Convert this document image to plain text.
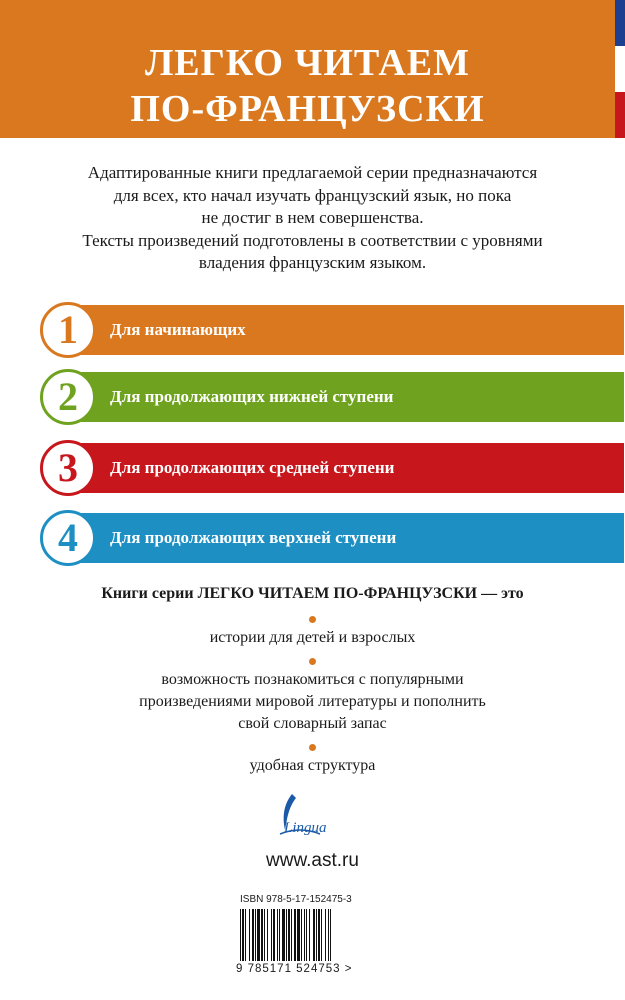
ЛЕГКО ЧИТАЕМ
ПО-ФРАНЦУЗСКИ
Адаптированные книги предлагаемой серии предназначаются
для всех, кто начал изучать французский язык, но пока
не достиг в нем совершенства.
Тексты произведений подготовлены в соответствии с уровнями
владения французским языком.
1	Для начинающих
2	Для продолжающих нижней ступени
3	Для продолжающих средней ступени
4	Для продолжающих верхней ступени
Книги серии ЛЕГКО ЧИТАЕМ ПО-ФРАНЦУЗСКИ — это
истории для детей и взрослых
возможность познакомиться с популярными
произведениями мировой литературы и пополнить
свой словарный запас
удобная структура
Lingua
www.ast.ru
ISBN 978-5-17-152475-3
9 785171 524753 >
